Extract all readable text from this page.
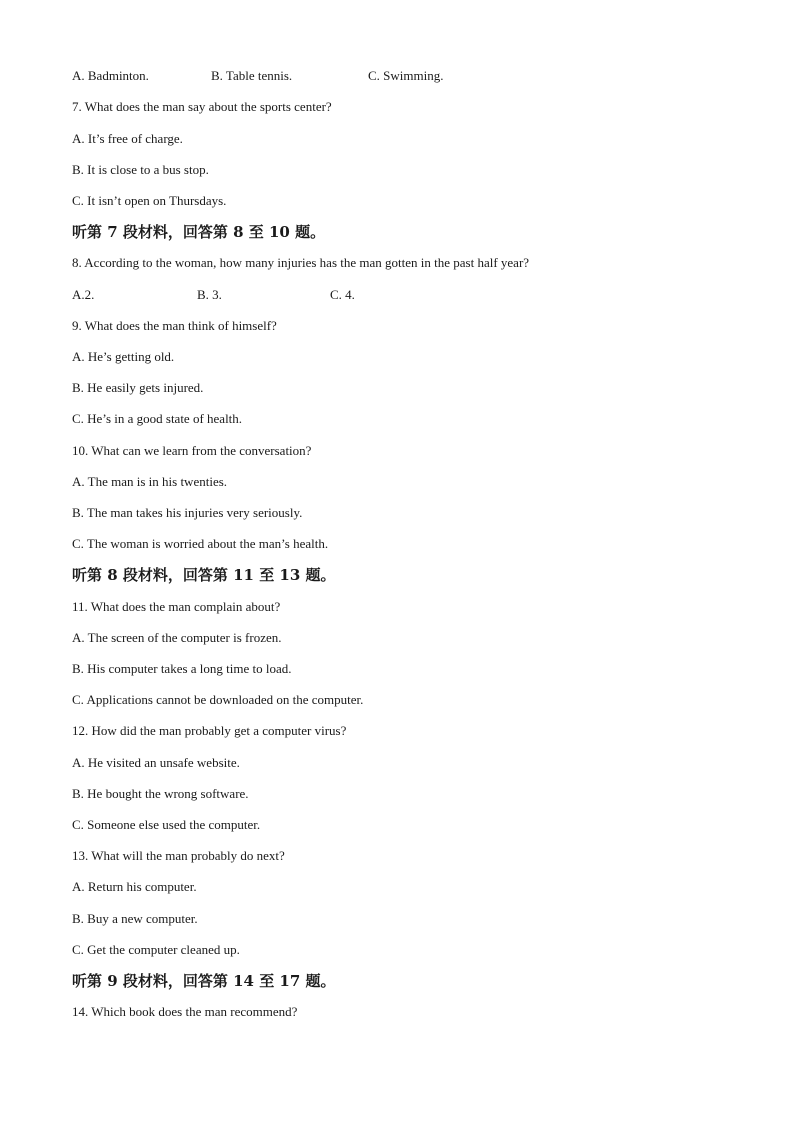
A. Badminton.	B. Table tennis.	C. Swimming.
7. What does the man say about the sports center?
A. It’s free of charge.
B. It is close to a bus stop.
C. It isn’t open on Thursdays.
听第 7 段材料，回答第 8 至 10 题。
8. According to the woman, how many injuries has the man gotten in the past half year?
A.2.	B. 3.	C. 4.
9. What does the man think of himself?
A. He’s getting old.
B. He easily gets injured.
C. He’s in a good state of health.
10. What can we learn from the conversation?
A. The man is in his twenties.
B. The man takes his injuries very seriously.
C. The woman is worried about the man’s health.
听第 8 段材料，回答第 11 至 13 题。
11. What does the man complain about?
A. The screen of the computer is frozen.
B. His computer takes a long time to load.
C. Applications cannot be downloaded on the computer.
12. How did the man probably get a computer virus?
A. He visited an unsafe website.
B. He bought the wrong software.
C. Someone else used the computer.
13. What will the man probably do next?
A. Return his computer.
B. Buy a new computer.
C. Get the computer cleaned up.
听第 9 段材料，回答第 14 至 17 题。
14. Which book does the man recommend?
